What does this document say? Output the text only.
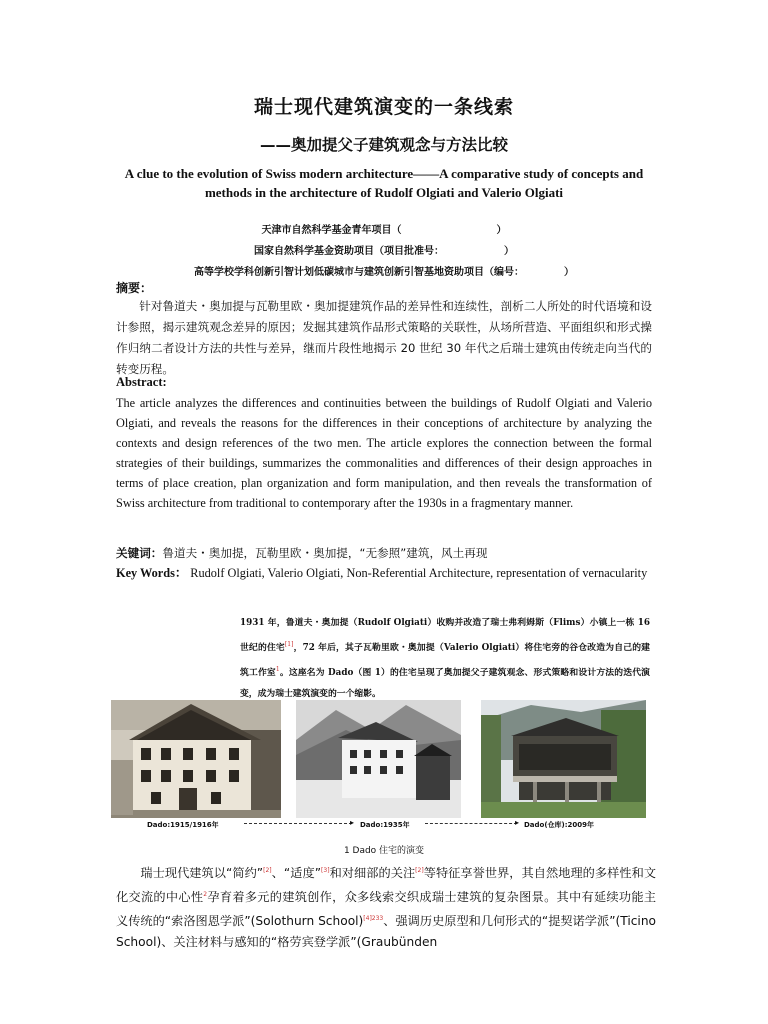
瑞士现代建筑演变的一条线索
——奥加提父子建筑观念与方法比较
A clue to the evolution of Swiss modern architecture——A comparative study of concepts and methods in the architecture of Rudolf Olgiati and Valerio Olgiati
天津市自然科学基金青年项目（	）
国家自然科学基金资助项目（项目批准号：	）
高等学校学科创新引智计划低碳城市与建筑创新引智基地资助项目（编号：	）
摘要：
针对鲁道夫・奥加提与瓦勒里欧・奥加提建筑作品的差异性和连续性，剖析二人所处的时代语境和设计参照，揭示建筑观念差异的原因；发掘其建筑作品形式策略的关联性，从场所营造、平面组织和形式操作归纳二者设计方法的共性与差异，继而片段性地揭示 20 世纪 30 年代之后瑞士建筑由传统走向当代的转变历程。
Abstract:
The article analyzes the differences and continuities between the buildings of Rudolf Olgiati and Valerio Olgiati, and reveals the reasons for the differences in their conceptions of architecture by analyzing the contexts and design references of the two men. The article explores the connection between the formal strategies of their buildings, summarizes the commonalities and differences of their design approaches in terms of place creation, plan organization and form manipulation, and then reveals the transformation of Swiss architecture from traditional to contemporary after the 1930s in a fragmentary manner.
关键词：鲁道夫・奥加提，瓦勒里欧・奥加提，“无参照”建筑，风土再现
Key Words： Rudolf Olgiati, Valerio Olgiati, Non-Referential Architecture, representation of vernacularity
1931 年，鲁道夫・奥加提（Rudolf Olgiati）收购并改造了瑞士弗利姆斯（Flims）小镇上一栋 16 世纪的住宅[1]，72 年后，其子瓦勒里欧・奥加提（Valerio Olgiati）将住宅旁的谷仓改造为自己的建筑工作室$^1$。这座名为 Dado（图 1）的住宅呈现了奥加提父子建筑观念、形式策略和设计方法的迭代演变，成为瑞士建筑演变的一个缩影。
Dado:1915/1916年	▸ Dado:1935年	▸ Dado(仓库):2009年
1 Dado 住宅的演变
瑞士现代建筑以“简约”[2]、“适度”[3]和对细部的关注[2]等特征享誉世界，其自然地理的多样性和文化交流的中心性$^2$孕育着多元的建筑创作，众多线索交织成瑞士建筑的复杂图景。其中有延续功能主义传统的“索洛图恩学派”(Solothurn School)$^{[4]233}$、强调历史原型和几何形式的“提契诺学派”(Ticino School)、关注材料与感知的“格劳宾登学派”(Graubünden
